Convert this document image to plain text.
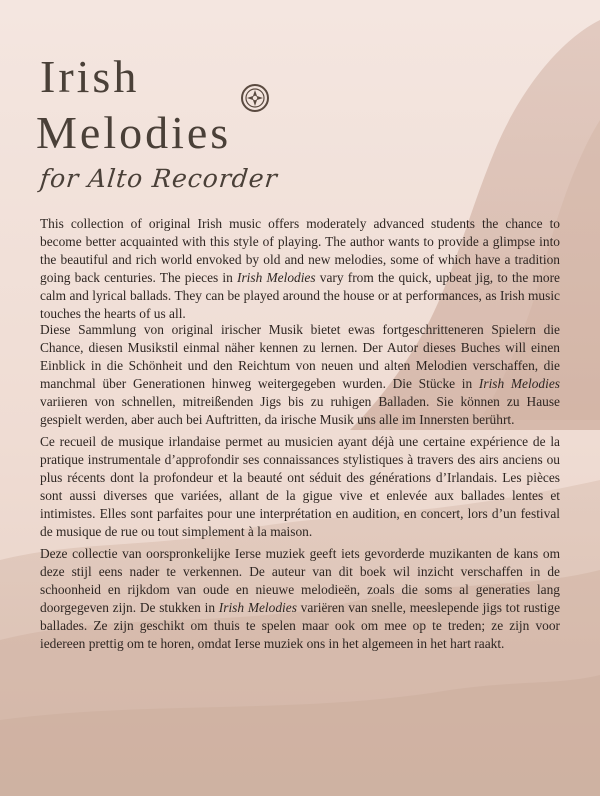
Irish
Melodies
for Alto Recorder

This collection of original Irish music offers moderately advanced students the chance to become better acquainted with this style of playing. The author wants to provide a glimpse into the beautiful and rich world envoked by old and new melodies, some of which have a tradition going back centuries. The pieces in Irish Melodies vary from the quick, upbeat jig, to the more calm and lyrical ballads. They can be played around the house or at performances, as Irish music touches the hearts of us all.

Diese Sammlung von original irischer Musik bietet ewas fortgeschritteneren Spielern die Chance, diesen Musikstil einmal näher kennen zu lernen. Der Autor dieses Buches will einen Einblick in die Schönheit und den Reichtum von neuen und alten Melodien verschaffen, die manchmal über Generationen hinweg weitergegeben wurden. Die Stücke in Irish Melodies variieren von schnellen, mitreißenden Jigs bis zu ruhigen Balladen. Sie können zu Hause gespielt werden, aber auch bei Auftritten, da irische Musik uns alle im Innersten berührt.

Ce recueil de musique irlandaise permet au musicien ayant déjà une certaine expérience de la pratique instrumentale d’approfondir ses connaissances stylistiques à travers des airs anciens ou plus récents dont la profondeur et la beauté ont séduit des générations d’Irlandais. Les pièces sont aussi diverses que variées, allant de la gigue vive et enlevée aux ballades lentes et intimistes. Elles sont parfaites pour une interprétation en audition, en concert, lors d’un festival de musique de rue ou tout simplement à la maison.

Deze collectie van oorspronkelijke Ierse muziek geeft iets gevorderde muzikanten de kans om deze stijl eens nader te verkennen. De auteur van dit boek wil inzicht verschaffen in de schoonheid en rijkdom van oude en nieuwe melodieën, zoals die soms al generaties lang doorgegeven zijn. De stukken in Irish Melodies variëren van snelle, meeslepende jigs tot rustige ballades. Ze zijn geschikt om thuis te spelen maar ook om mee op te treden; ze zijn voor iedereen prettig om te horen, omdat Ierse muziek ons in het algemeen in het hart raakt.
